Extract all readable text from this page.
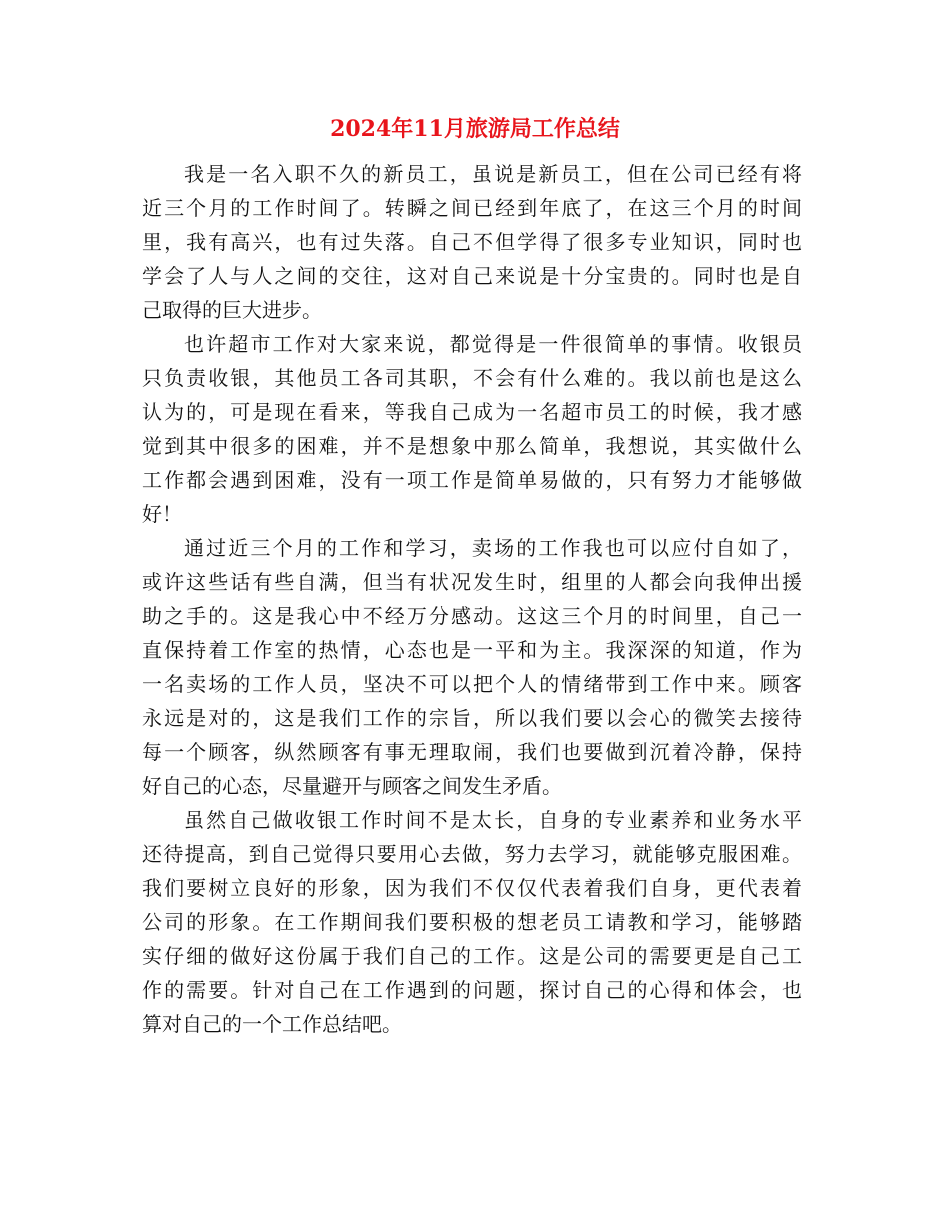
2024年11月旅游局工作总结
我是一名入职不久的新员工，虽说是新员工，但在公司已经有将
近三个月的工作时间了。转瞬之间已经到年底了，在这三个月的时间
里，我有高兴，也有过失落。自己不但学得了很多专业知识，同时也
学会了人与人之间的交往，这对自己来说是十分宝贵的。同时也是自
己取得的巨大进步。
也许超市工作对大家来说，都觉得是一件很简单的事情。收银员
只负责收银，其他员工各司其职，不会有什么难的。我以前也是这么
认为的，可是现在看来，等我自己成为一名超市员工的时候，我才感
觉到其中很多的困难，并不是想象中那么简单，我想说，其实做什么
工作都会遇到困难，没有一项工作是简单易做的，只有努力才能够做
好！
通过近三个月的工作和学习，卖场的工作我也可以应付自如了，
或许这些话有些自满，但当有状况发生时，组里的人都会向我伸出援
助之手的。这是我心中不经万分感动。这这三个月的时间里，自己一
直保持着工作室的热情，心态也是一平和为主。我深深的知道，作为
一名卖场的工作人员，坚决不可以把个人的情绪带到工作中来。顾客
永远是对的，这是我们工作的宗旨，所以我们要以会心的微笑去接待
每一个顾客，纵然顾客有事无理取闹，我们也要做到沉着冷静，保持
好自己的心态，尽量避开与顾客之间发生矛盾。
虽然自己做收银工作时间不是太长，自身的专业素养和业务水平
还待提高，到自己觉得只要用心去做，努力去学习，就能够克服困难。
我们要树立良好的形象，因为我们不仅仅代表着我们自身，更代表着
公司的形象。在工作期间我们要积极的想老员工请教和学习，能够踏
实仔细的做好这份属于我们自己的工作。这是公司的需要更是自己工
作的需要。针对自己在工作遇到的问题，探讨自己的心得和体会，也
算对自己的一个工作总结吧。
